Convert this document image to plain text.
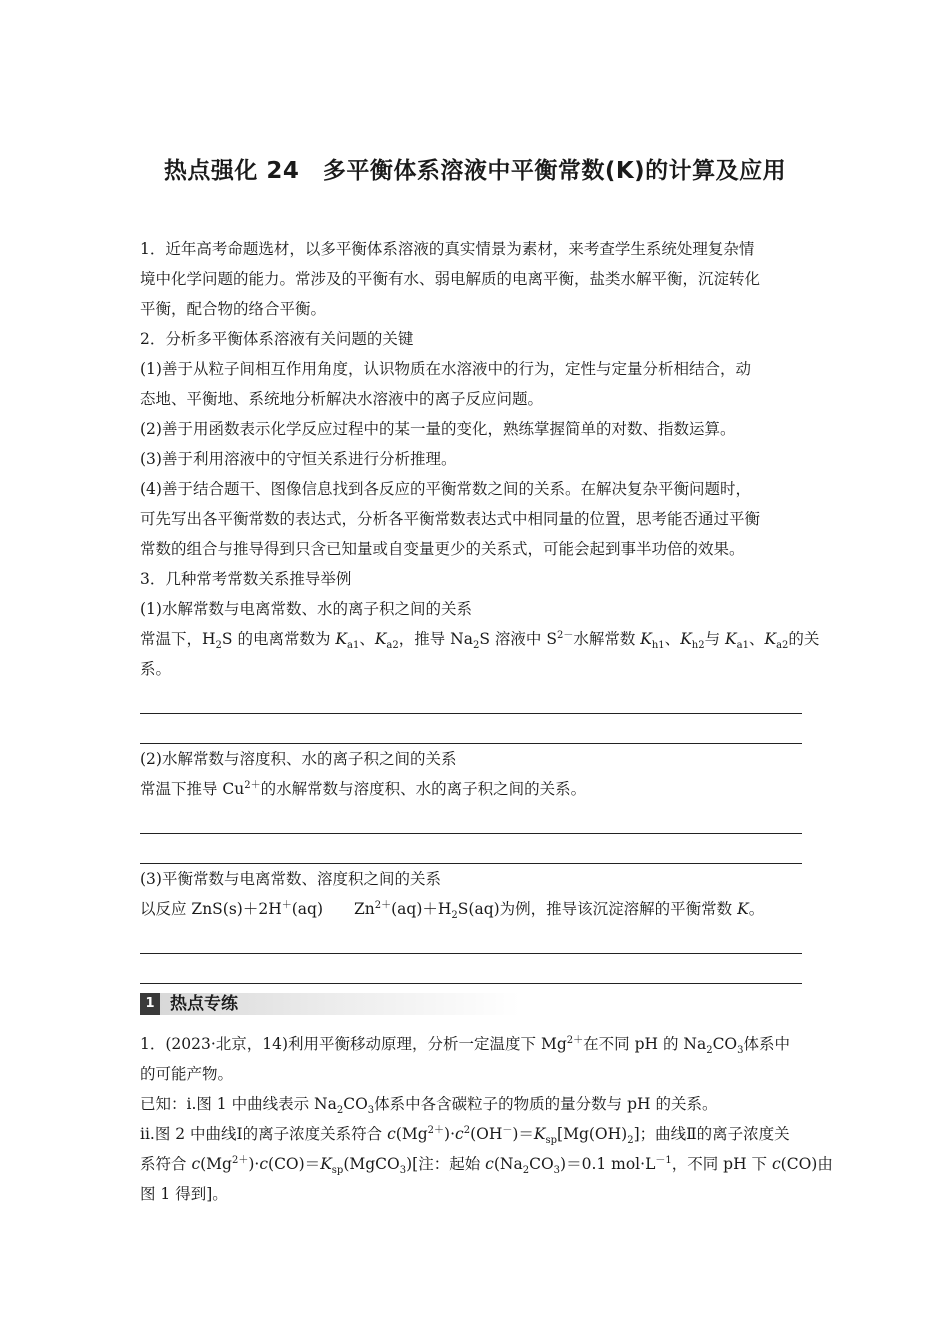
热点强化 24　多平衡体系溶液中平衡常数(K)的计算及应用

1．近年高考命题选材，以多平衡体系溶液的真实情景为素材，来考查学生系统处理复杂情

境中化学问题的能力。常涉及的平衡有水、弱电解质的电离平衡，盐类水解平衡，沉淀转化

平衡，配合物的络合平衡。

2．分析多平衡体系溶液有关问题的关键

(1)善于从粒子间相互作用角度，认识物质在水溶液中的行为，定性与定量分析相结合，动

态地、平衡地、系统地分析解决水溶液中的离子反应问题。

(2)善于用函数表示化学反应过程中的某一量的变化，熟练掌握简单的对数、指数运算。

(3)善于利用溶液中的守恒关系进行分析推理。

(4)善于结合题干、图像信息找到各反应的平衡常数之间的关系。在解决复杂平衡问题时，

可先写出各平衡常数的表达式，分析各平衡常数表达式中相同量的位置，思考能否通过平衡

常数的组合与推导得到只含已知量或自变量更少的关系式，可能会起到事半功倍的效果。

3．几种常考常数关系推导举例

(1)水解常数与电离常数、水的离子积之间的关系

常温下，$H_2S$ 的电离常数为 $K_{a1}$、$K_{a2}$，推导 $Na_2S$ 溶液中 $S^{2-}$水解常数 $K_{h1}$、$K_{h2}$与 $K_{a1}$、$K_{a2}$的关

系。

(2)水解常数与溶度积、水的离子积之间的关系

常温下推导 $Cu^{2+}$的水解常数与溶度积、水的离子积之间的关系。

(3)平衡常数与电离常数、溶度积之间的关系

以反应 ZnS(s)＋2H＋(aq)　　$Zn^{2+}(aq)+H_2S(aq)$为例，推导该沉淀溶解的平衡常数 K。

1 热点专练

1．(2023·北京，14)利用平衡移动原理，分析一定温度下 $Mg^{2+}$在不同 pH 的 $Na_2CO_3$体系中

的可能产物。

已知：i.图 1 中曲线表示 $Na_2CO_3$体系中各含碳粒子的物质的量分数与 pH 的关系。

ii.图 2 中曲线Ⅰ的离子浓度关系符合 $c(Mg^{2+})\cdot c^2(OH^-)=K_{sp}[Mg(OH)_2]$；曲线Ⅱ的离子浓度关

系符合 $c(Mg^{2+})\cdot c(CO)=K_{sp}(MgCO_3)$[注：起始 $c(Na_2CO_3)=0.1$ $mol\cdot L^{-1}$，不同 pH 下 c(CO)由

图 1 得到]。
